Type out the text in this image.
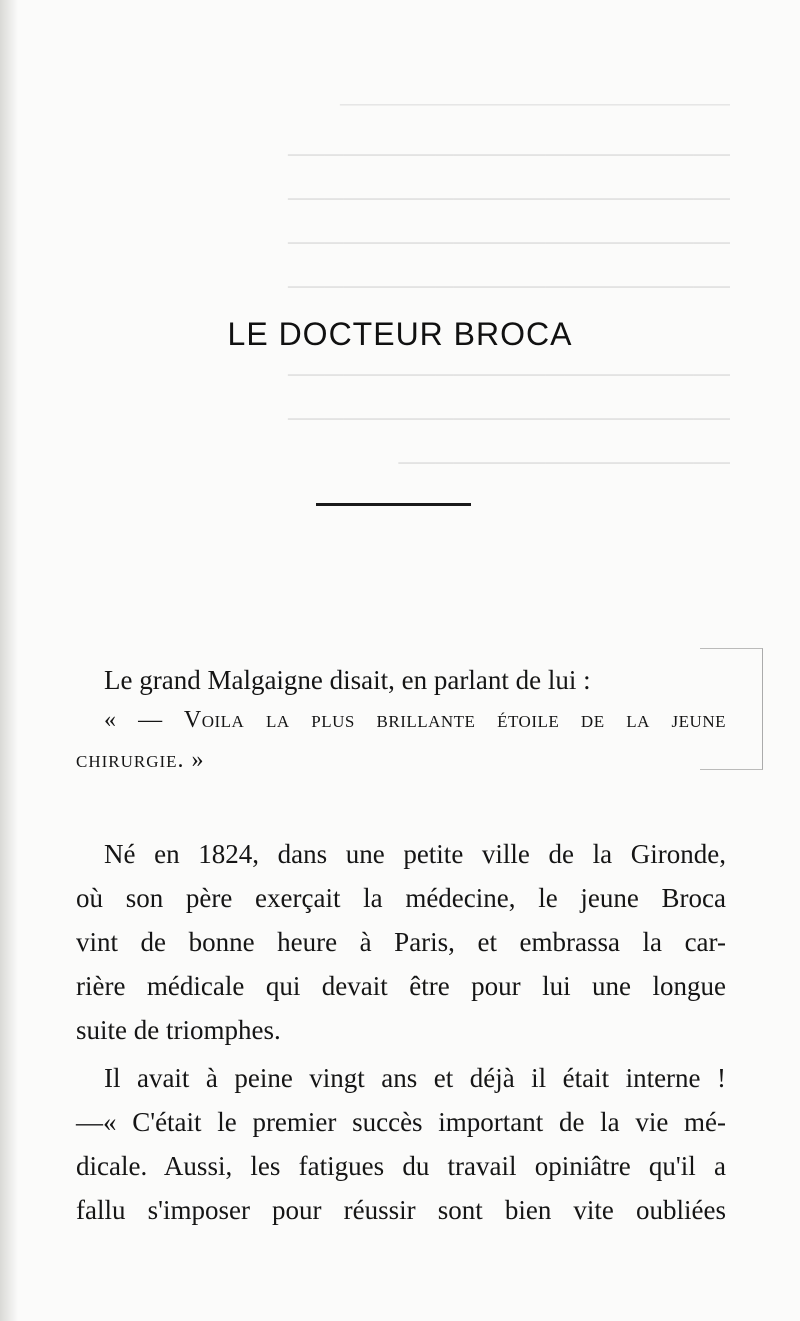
———————————————
────────────────────────
────────────────────────
────────────────────────
────────────────────────
────────────────────────
────────────────────────
──────────────────
LE DOCTEUR BROCA
Le grand Malgaigne disait, en parlant de lui :
« — Voila la plus brillante étoile de la jeune
chirurgie. »
Né en 1824, dans une petite ville de la Gironde,
où son père exerçait la médecine, le jeune Broca
vint de bonne heure à Paris, et embrassa la car-
rière médicale qui devait être pour lui une longue
suite de triomphes.
Il avait à peine vingt ans et déjà il était interne !
—« C'était le premier succès important de la vie mé-
dicale. Aussi, les fatigues du travail opiniâtre qu'il a
fallu s'imposer pour réussir sont bien vite oubliées
